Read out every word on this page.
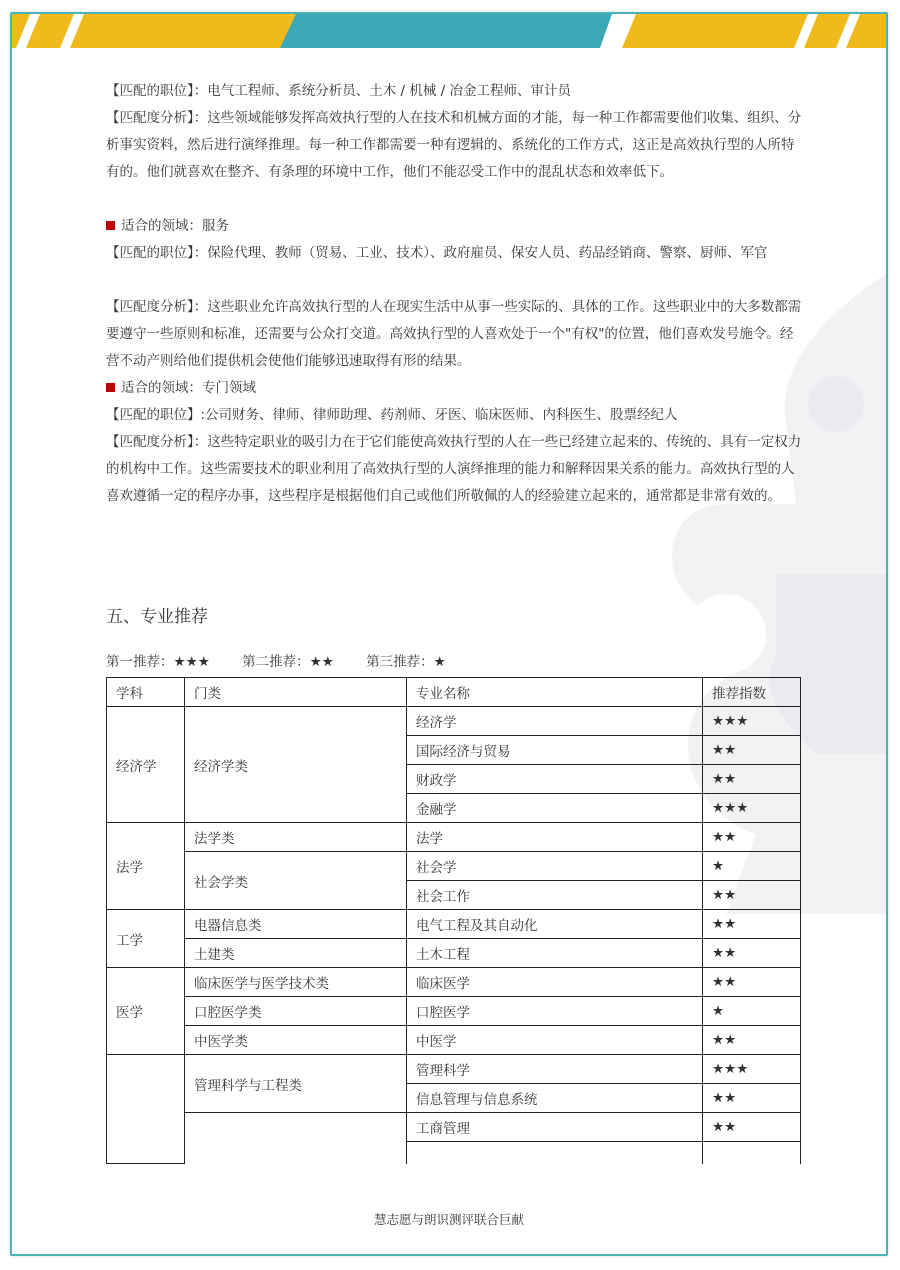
【匹配的职位】：电气工程师、系统分析员、土木 / 机械 / 冶金工程师、审计员

【匹配度分析】：这些领域能够发挥高效执行型的人在技术和机械方面的才能，每一种工作都需要他们收集、组织、分析事实资料，然后进行演绎推理。每一种工作都需要一种有逻辑的、系统化的工作方式，这正是高效执行型的人所特有的。他们就喜欢在整齐、有条理的环境中工作，他们不能忍受工作中的混乱状态和效率低下。

适合的领域：服务

【匹配的职位】：保险代理、教师（贸易、工业、技术）、政府雇员、保安人员、药品经销商、警察、厨师、军官

【匹配度分析】：这些职业允许高效执行型的人在现实生活中从事一些实际的、具体的工作。这些职业中的大多数都需要遵守一些原则和标准，还需要与公众打交道。高效执行型的人喜欢处于一个"有权"的位置，他们喜欢发号施令。经营不动产则给他们提供机会使他们能够迅速取得有形的结果。

适合的领域：专门领域

【匹配的职位】:公司财务、律师、律师助理、药剂师、牙医、临床医师、内科医生、股票经纪人

【匹配度分析】：这些特定职业的吸引力在于它们能使高效执行型的人在一些已经建立起来的、传统的、具有一定权力的机构中工作。这些需要技术的职业利用了高效执行型的人演绎推理的能力和解释因果关系的能力。高效执行型的人喜欢遵循一定的程序办事，这些程序是根据他们自己或他们所敬佩的人的经验建立起来的，通常都是非常有效的。

五、专业推荐
第一推荐：★★★ 第二推荐：★★ 第三推荐：★
学科	门类	专业名称	推荐指数
经济学	经济学类	经济学	★★★
		国际经济与贸易	★★
		财政学	★★
		金融学	★★★
法学	法学类	法学	★★
	社会学类	社会学	★
		社会工作	★★
工学	电器信息类	电气工程及其自动化	★★
	土建类	土木工程	★★
医学	临床医学与医学技术类	临床医学	★★
	口腔医学类	口腔医学	★
	中医学类	中医学	★★
	管理科学与工程类	管理科学	★★★
		信息管理与信息系统	★★
		工商管理	★★

慧志愿与朗识测评联合巨献
